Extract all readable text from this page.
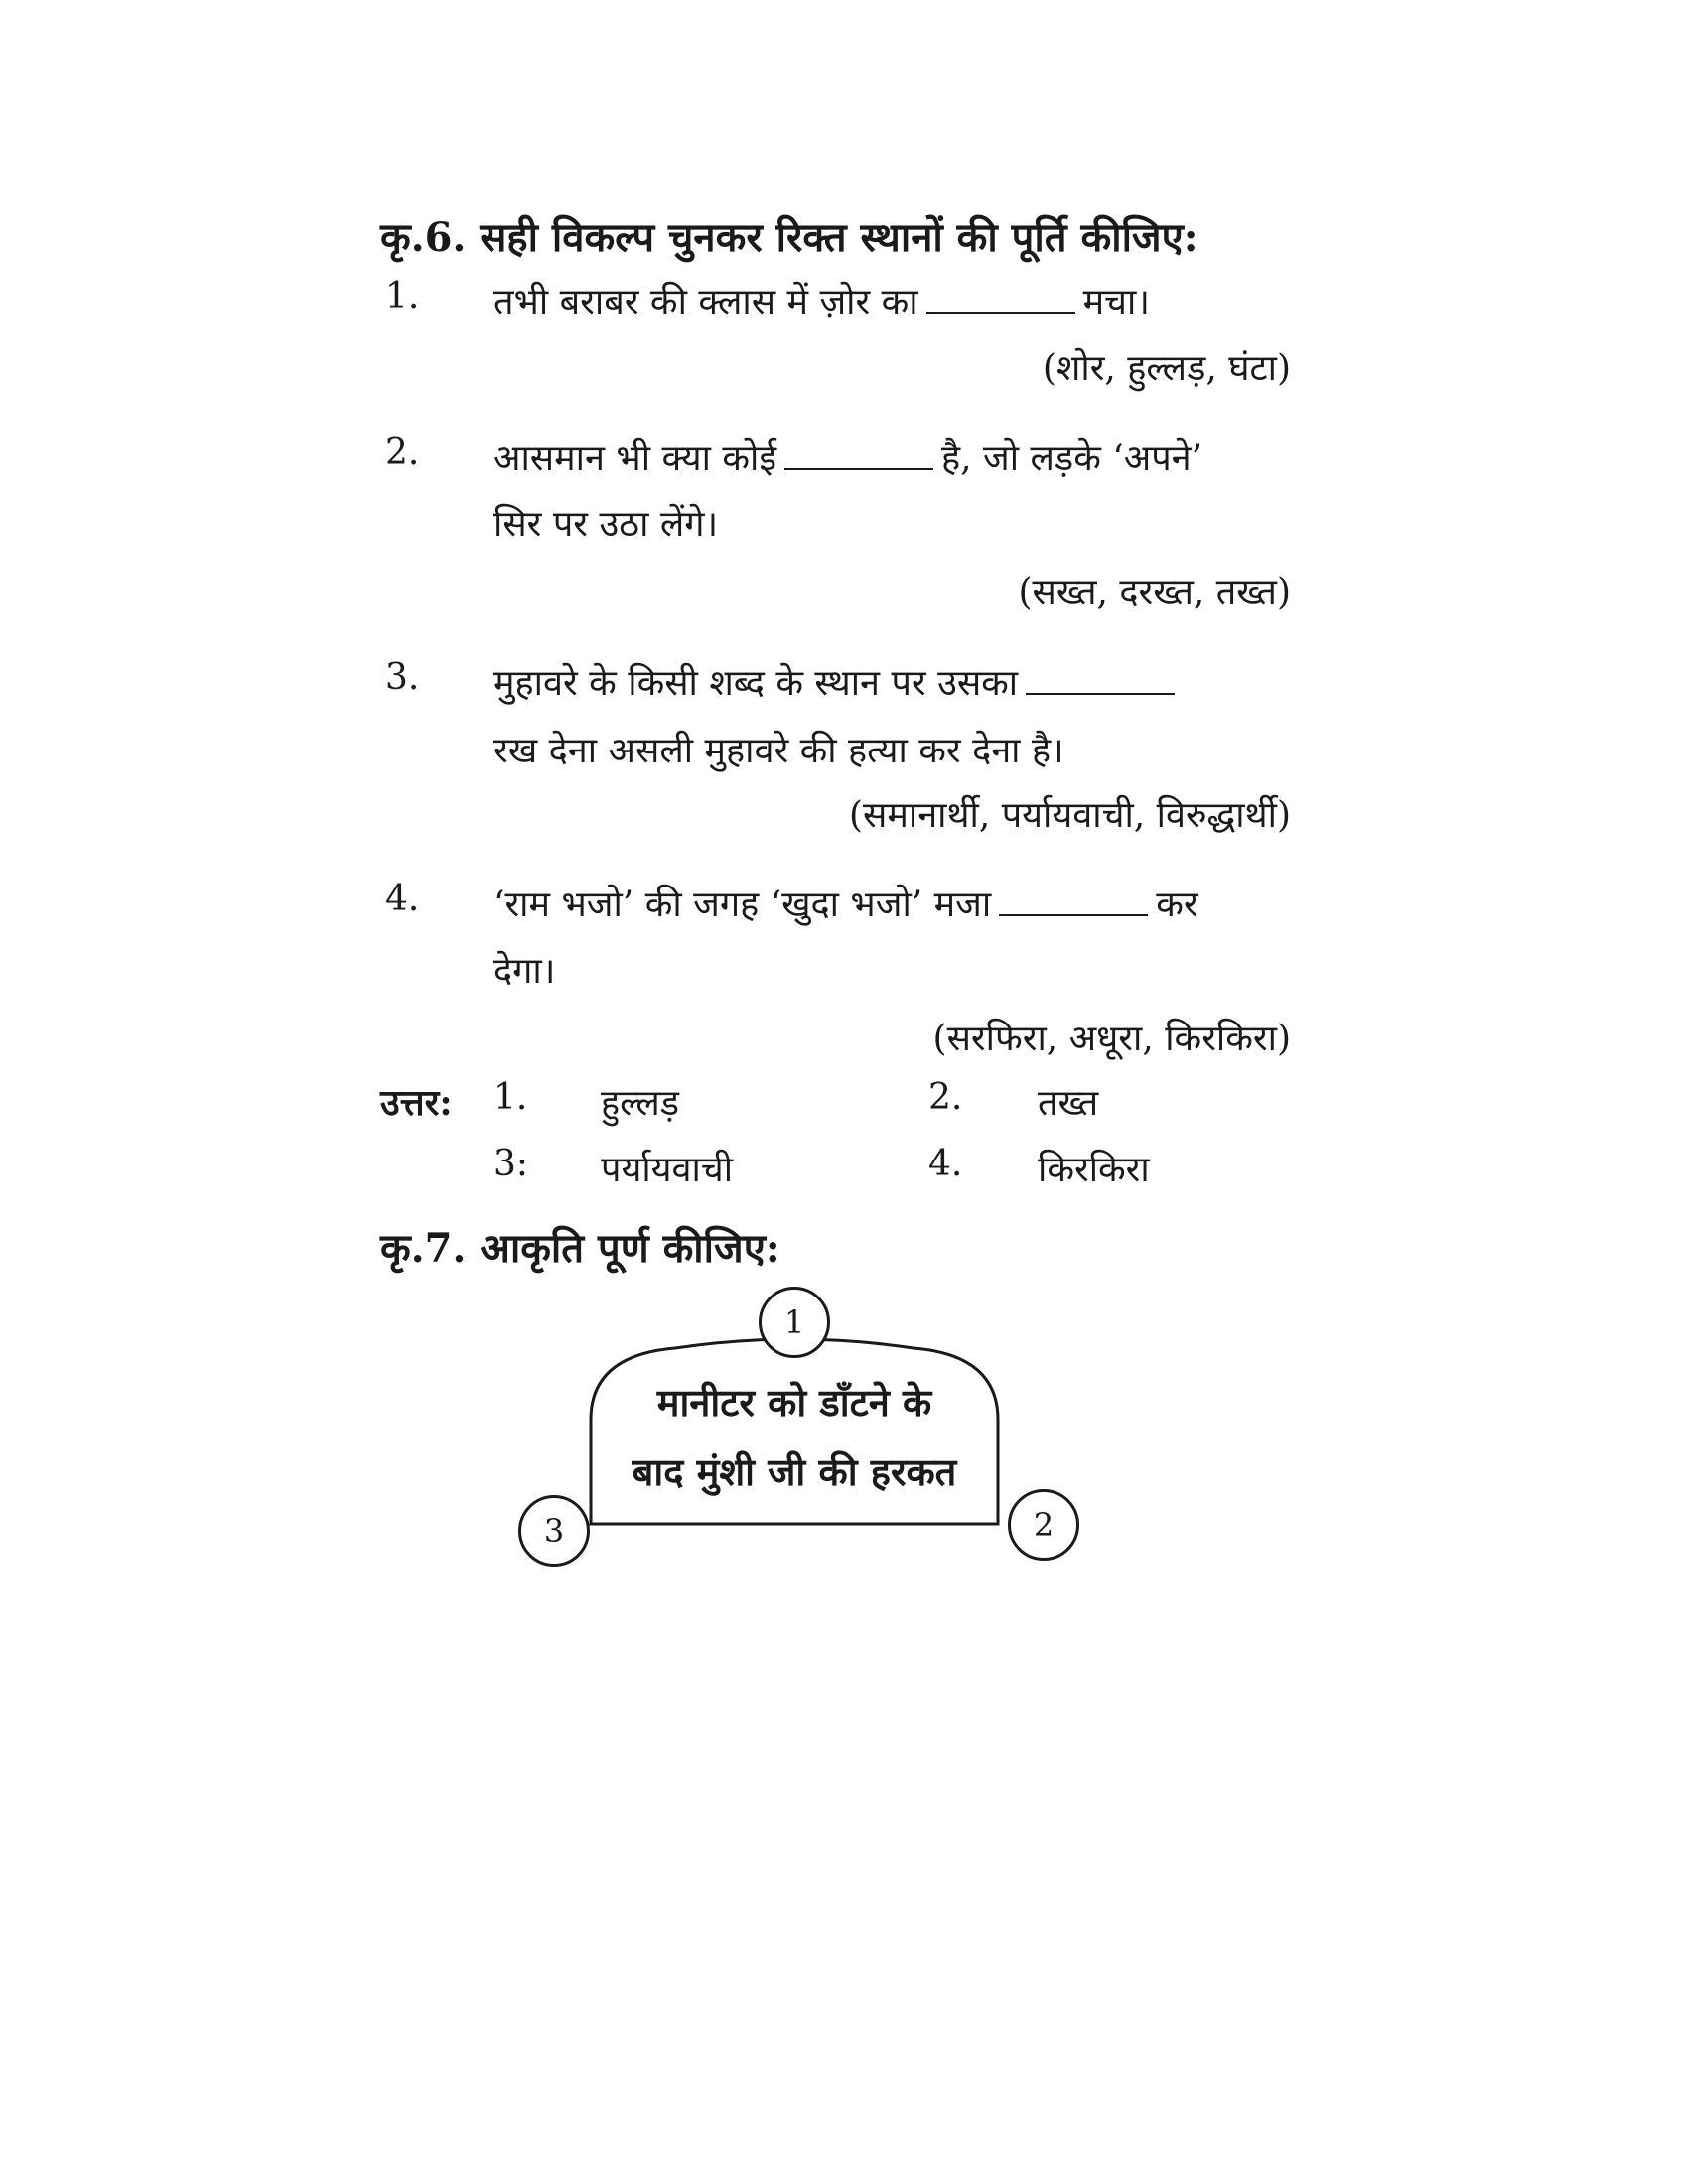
कृ.6. सही विकल्प चुनकर रिक्त स्थानों की पूर्ति कीजिए:
1. तभी बराबर की क्लास में ज़ोर का	मचा।
(शोर, हुल्लड़, घंटा)
2. आसमान भी क्या कोई	है, जो लड़के ‘अपने’
सिर पर उठा लेंगे।
(सख्त, दरख्त, तख्त)
3. मुहावरे के किसी शब्द के स्थान पर उसका
रख देना असली मुहावरे की हत्या कर देना है।
(समानार्थी, पर्यायवाची, विरुद्धार्थी)
4. ‘राम भजो’ की जगह ‘खुदा भजो’ मजा	कर
देगा।
(सरफिरा, अधूरा, किरकिरा)
उत्तर: 1. हुल्लड़	2. तख्त
3: पर्यायवाची	4. किरकिरा
कृ.7. आकृति पूर्ण कीजिए:
मानीटर को डाँटने के
बाद मुंशी जी की हरकत
1
2
3
